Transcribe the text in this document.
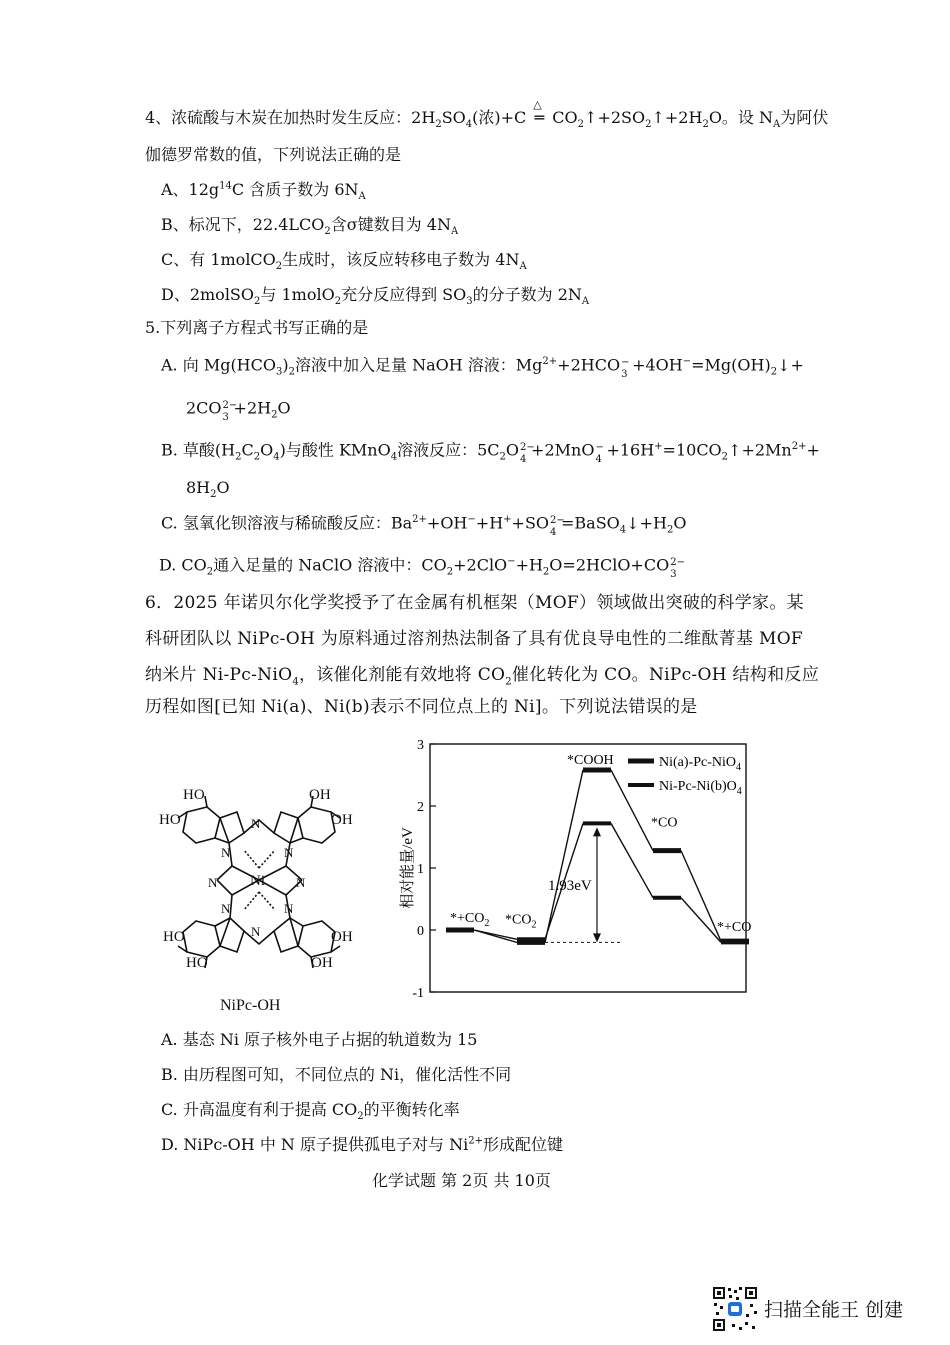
4、浓硫酸与木炭在加热时发生反应：$2H_2SO_4$(浓)+C
△
═ $CO_2$ ↑ $+2SO_2$ ↑ $+2H_2O$。设 $N_A$为阿伏
伽德罗常数的值，下列说法正确的是
A、$12g^{14}C$ 含质子数为 $6N_A$
B、标况下，$22.4LCO_2$含σ键数目为 $4N_A$
C、有 1molCO$_2$生成时，该反应转移电子数为 $4N_A$
D、2molSO$_2$与 1molO$_2$充分反应得到 $SO_3$的分子数为 $2N_A$
5.下列离子方程式书写正确的是
A. 向 $Mg(HCO_3)_2$溶液中加入足量 NaOH 溶液：$Mg^{2+}+2HCO$ −
$3 +4OH^-=Mg(OH)_2$ ↓ +
2CO 2−
$3 +2H_2O$
B. 草酸$(H_2C_2O_4)$与酸性 KMnO$_4$溶液反应：$5C_2O$ 2−
4 +2MnO −
$4 +16H^+=10CO_2$ ↑ $+2Mn^{2+}+$
$8H_2O$
C. 氢氧化钡溶液与稀硫酸反应：$Ba^{2+}+OH^-+H^++SO$ 2−
4 =BaSO$_4$ ↓ $+H_2O$
D. $CO_2$通入足量的 NaClO 溶液中：$CO_2+2ClO^-+H_2O=2HClO+CO$ 2−
3
6．2025 年诺贝尔化学奖授予了在金属有机框架（MOF）领域做出突破的科学家。某
科研团队以 NiPc-OH 为原料通过溶剂热法制备了具有优良导电性的二维酞菁基 MOF
纳米片 Ni-Pc-NiO$_4$，该催化剂能有效地将 $CO_2$催化转化为 CO。NiPc-OH 结构和反应
历程如图[已知 Ni(a)、Ni(b)表示不同位点上的 Ni]。下列说法错误的是
Ni
N
N
N	N
N	N
N	N
HO
HO
OH
OH
HO
HO
OH
OH
NiPc-OH
3
2
1
0
-1
相对能量/eV
$*+CO_2$ $*CO_2$
*COOH
*CO
*+CO
1.93eV
Ni(a)-Pc-NiO$_4$
$Ni-Pc-Ni(b)O_4$
A. 基态 Ni 原子核外电子占据的轨道数为 15
B. 由历程图可知，不同位点的 Ni，催化活性不同
C. 升高温度有利于提高 $CO_2$的平衡转化率
D. NiPc-OH 中 N 原子提供孤电子对与 $Ni^{2+}$形成配位键
化学试题 第 2页 共 10页
扫描全能王 创建
